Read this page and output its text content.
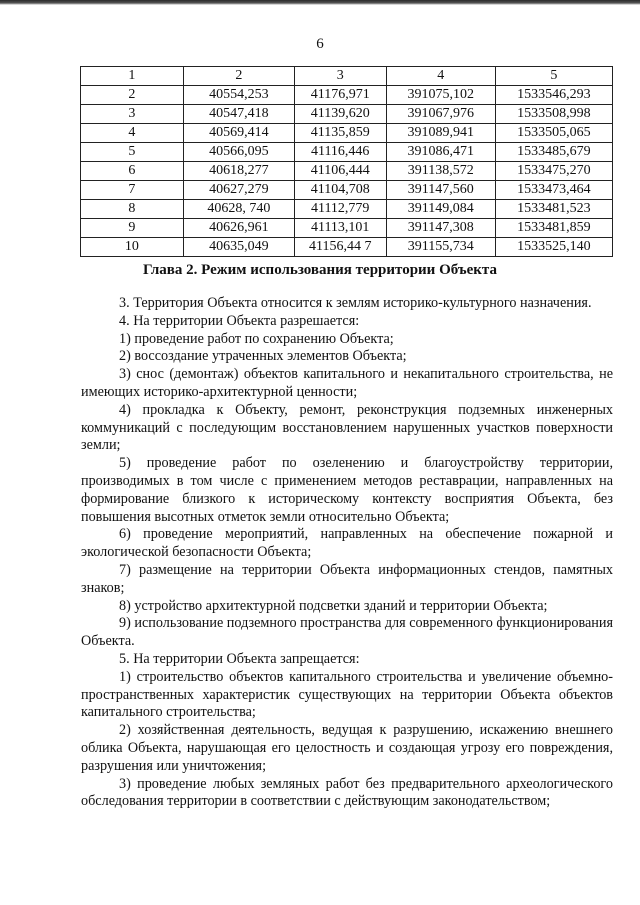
6
1	2	3	4	5
2	40554,253	41176,971	391075,102	1533546,293
3	40547,418	41139,620	391067,976	1533508,998
4	40569,414	41135,859	391089,941	1533505,065
5	40566,095	41116,446	391086,471	1533485,679
6	40618,277	41106,444	391138,572	1533475,270
7	40627,279	41104,708	391147,560	1533473,464
8	40628, 740	41112,779	391149,084	1533481,523
9	40626,961	41113,101	391147,308	1533481,859
10	40635,049	41156,44 7	391155,734	1533525,140
Глава 2. Режим использования территории Объекта

3. Территория Объекта относится к землям историко-культурного назначения.

4. На территории Объекта разрешается:

1) проведение работ по сохранению Объекта;

2) воссоздание утраченных элементов Объекта;

3) снос (демонтаж) объектов капитального и некапитального строительства, не имеющих историко-архитектурной ценности;

4) прокладка к Объекту, ремонт, реконструкция подземных инженерных коммуникаций с последующим восстановлением нарушенных участков поверхности земли;

5) проведение работ по озеленению и благоустройству территории, производимых в том числе с применением методов реставрации, направленных на формирование близкого к историческому контексту восприятия Объекта, без повышения высотных отметок земли относительно Объекта;

6) проведение мероприятий, направленных на обеспечение пожарной и экологической безопасности Объекта;

7) размещение на территории Объекта информационных стендов, памятных знаков;

8) устройство архитектурной подсветки зданий и территории Объекта;

9) использование подземного пространства для современного функционирования Объекта.

5. На территории Объекта запрещается:

1) строительство объектов капитального строительства и увеличение объемно-пространственных характеристик существующих на территории Объекта объектов капитального строительства;

2) хозяйственная деятельность, ведущая к разрушению, искажению внешнего облика Объекта, нарушающая его целостность и создающая угрозу его повреждения, разрушения или уничтожения;

3) проведение любых земляных работ без предварительного археологического обследования территории в соответствии с действующим законодательством;
